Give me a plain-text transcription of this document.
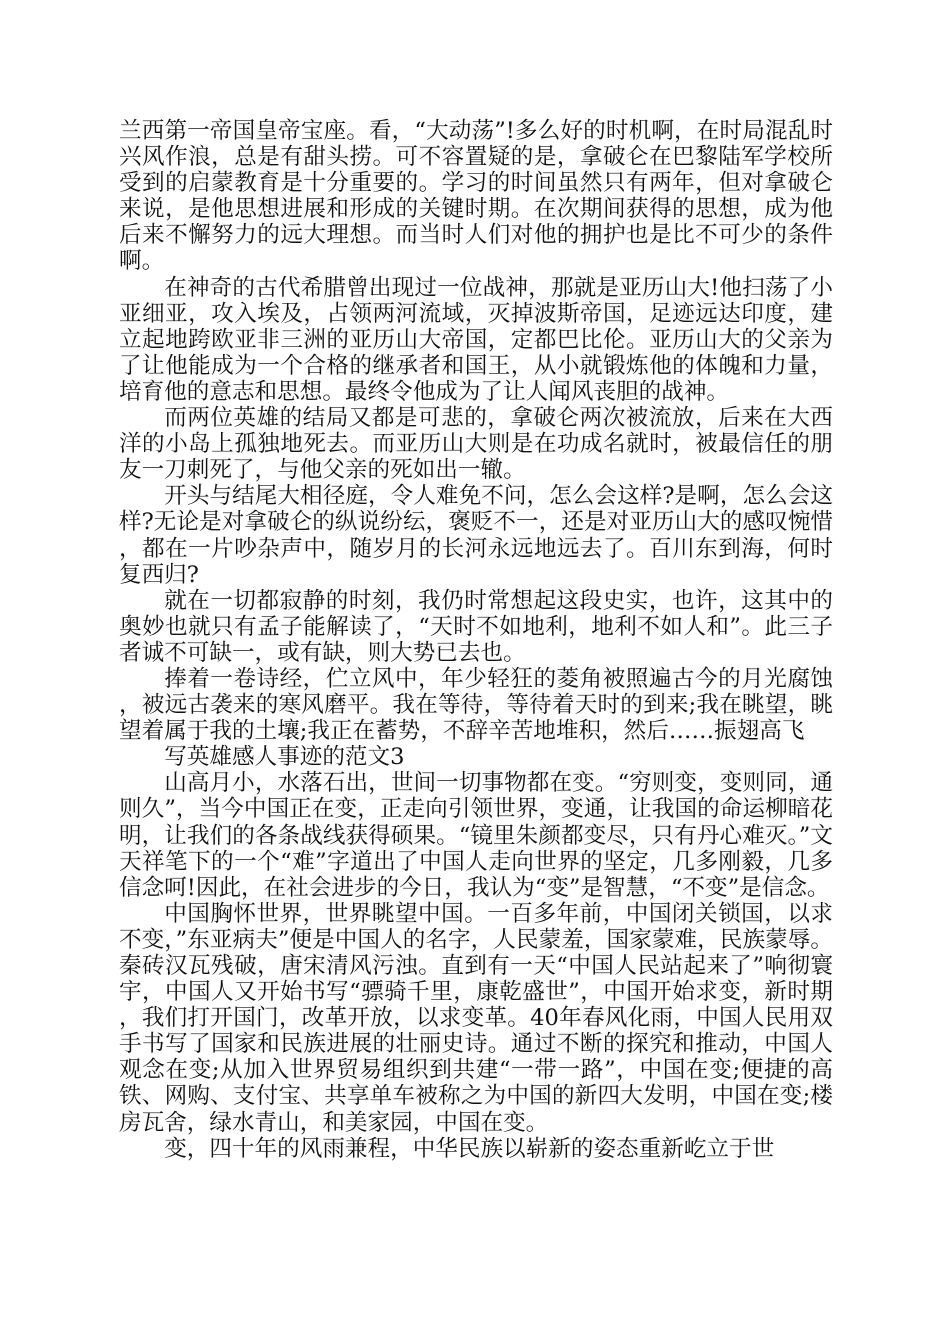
兰西第一帝国皇帝宝座。看，“大动荡”!多么好的时机啊，在时局混乱时兴风作浪，总是有甜头捞。可不容置疑的是，拿破仑在巴黎陆军学校所受到的启蒙教育是十分重要的。学习的时间虽然只有两年，但对拿破仑来说，是他思想进展和形成的关键时期。在次期间获得的思想，成为他后来不懈努力的远大理想。而当时人们对他的拥护也是比不可少的条件啊。

在神奇的古代希腊曾出现过一位战神，那就是亚历山大!他扫荡了小亚细亚，攻入埃及，占领两河流域，灭掉波斯帝国，足迹远达印度，建立起地跨欧亚非三洲的亚历山大帝国，定都巴比伦。亚历山大的父亲为了让他能成为一个合格的继承者和国王，从小就锻炼他的体魄和力量，培育他的意志和思想。最终令他成为了让人闻风丧胆的战神。

而两位英雄的结局又都是可悲的，拿破仑两次被流放，后来在大西洋的小岛上孤独地死去。而亚历山大则是在功成名就时，被最信任的朋友一刀刺死了，与他父亲的死如出一辙。

开头与结尾大相径庭，令人难免不问，怎么会这样?是啊，怎么会这样?无论是对拿破仑的纵说纷纭，褒贬不一，还是对亚历山大的感叹惋惜，都在一片吵杂声中，随岁月的长河永远地远去了。百川东到海，何时复西归?

就在一切都寂静的时刻，我仍时常想起这段史实，也许，这其中的奥妙也就只有孟子能解读了，“天时不如地利，地利不如人和”。此三子者诚不可缺一，或有缺，则大势已去也。

捧着一卷诗经，伫立风中，年少轻狂的菱角被照遍古今的月光腐蚀，被远古袭来的寒风磨平。我在等待，等待着天时的到来;我在眺望，眺望着属于我的土壤;我正在蓄势，不辞辛苦地堆积，然后……振翅高飞

写英雄感人事迹的范文3

山高月小，水落石出，世间一切事物都在变。“穷则变，变则同，通则久”，当今中国正在变，正走向引领世界，变通，让我国的命运柳暗花明，让我们的各条战线获得硕果。“镜里朱颜都变尽，只有丹心难灭。”文天祥笔下的一个“难”字道出了中国人走向世界的坚定，几多刚毅，几多信念呵!因此，在社会进步的今日，我认为“变”是智慧，“不变”是信念。

中国胸怀世界，世界眺望中国。一百多年前，中国闭关锁国，以求不变，”东亚病夫”便是中国人的名字，人民蒙羞，国家蒙难，民族蒙辱。秦砖汉瓦残破，唐宋清风污浊。直到有一天“中国人民站起来了”响彻寰宇，中国人又开始书写“骠骑千里，康乾盛世”，中国开始求变，新时期，我们打开国门，改革开放，以求变革。40年春风化雨，中国人民用双手书写了国家和民族进展的壮丽史诗。通过不断的探究和推动，中国人观念在变;从加入世界贸易组织到共建“一带一路”，中国在变;便捷的高铁、网购、支付宝、共享单车被称之为中国的新四大发明，中国在变;楼房瓦舍，绿水青山，和美家园，中国在变。

变，四十年的风雨兼程，中华民族以崭新的姿态重新屹立于世
